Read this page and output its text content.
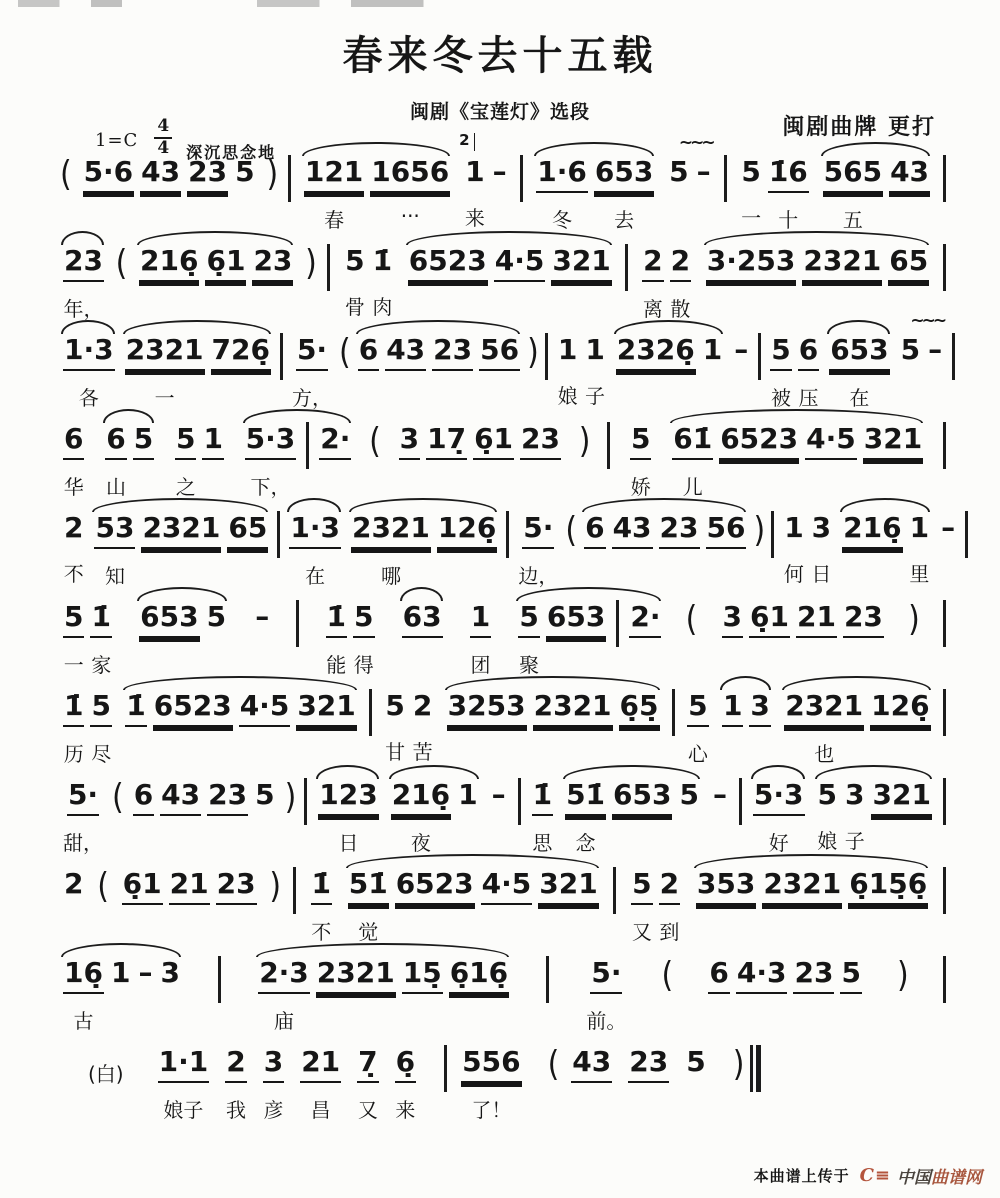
春来冬去十五载
闽剧《宝莲灯》选段
闽剧曲牌 更打
$1=C \frac{4}{4}$ 深沉思念地
( 5·6 43 23 5 ) 121
春
1656
···
2
1
来
– 1·6
冬
653
去
~~~
5 – 5
一
1̇6
十
565
五
43
23
年，
( 216̣ 6̣1 23 ) 5
骨
1̇
肉
6523 4·5 321 2
离
2
散
3·253 2321 65
1·3
各
2321
一
726̣ 5·
方，
( 6 43 23 56 ) 1
娘
1
子
2326̣ 1 – 5
被
6
压
653
在
~~~
5 –
6
华
6
山
5 5
之
1 5·3
下，
2· ( 3 17̣ 6̣1 23 ) 5
娇
61̇
儿
6523 4·5 321
2
不
53
知
2321 65 1·3
在
2321
哪
126̣ 5·
边，
( 6 43 23 56 ) 1
何
3
日
216̣ 1
里
–
5
一
1̇
家
653 5 – 1̇
能
5
得
63 1
团
5
聚
653 2· ( 3 6̣1 21 23 )
1̇
历
5
尽
1̇ 6523 4·5 321 5
甘
2
苦
3253 2321 6̣5̣ 5
心
1 3 2321
也
126̣
5·
甜，
( 6 43 23 5 ) 123
日
216̣
夜
1 – 1̇
思
51̇
念
653 5 – 5·3
好
5
娘
3
子
321
2 ( 6̣1 21 23 ) 1̇
不
51̇
觉
6523 4·5 321 5
又
2
到
353 2321 6̣15̣6̣
16̣
古
1 – 3	2·3
庙
2321 15̣ 6̣16̣	5·
前。
( 6 4·3 23 5 )
(白) 1·1
娘子
2
我
3
彦
21
昌
7̣
又
6̣
来
556
了！
( 43 23 5 )
本曲谱上传于 C≡ 中国 曲谱网
